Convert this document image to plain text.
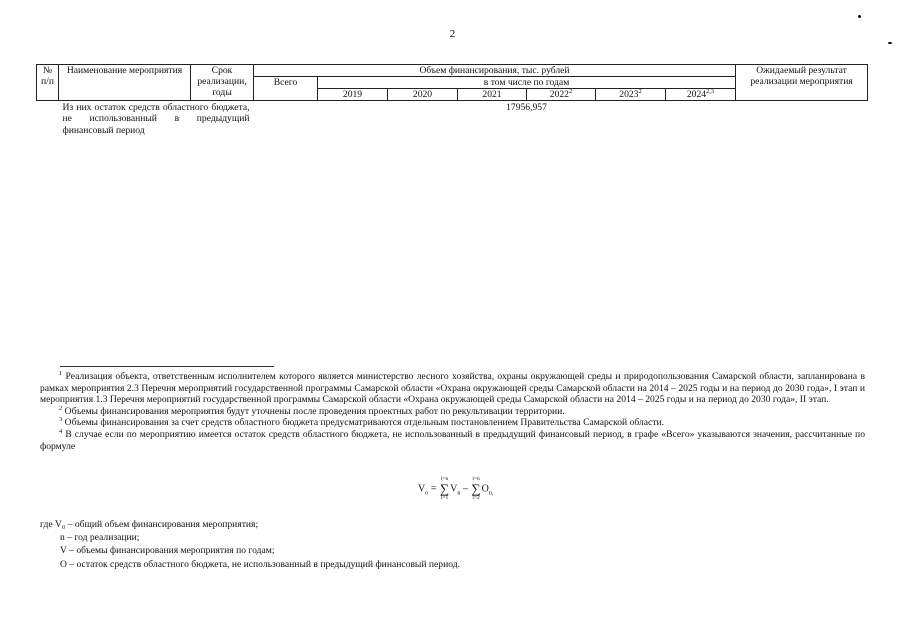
2
№ п/п	Наименование мероприятия	Срок реализации, годы	Объем финансирования, тыс. рублей							Ожидаемый результат реализации мероприятия
			Всего	в том числе по годам						
				2019	2020	2021	2022$^2$	2023$^2$	2024$^{2,3}$
Из них остаток средств областного бюджета, не использованный в предыдущий финансовый период						17956,957				

$^1$ Реализация объекта, ответственным исполнителем которого является министерство лесного хозяйства, охраны окружающей среды и природопользования Самарской области, запланирована в рамках мероприятия 2.3 Перечня мероприятий государственной программы Самарской области «Охрана окружающей среды Самарской области на 2014 – 2025 годы и на период до 2030 года», I этап и мероприятия 1.3 Перечня мероприятий государственной программы Самарской области «Охрана окружающей среды Самарской области на 2014 – 2025 годы и на период до 2030 года», II этап.

$^2$ Объемы финансирования мероприятия будут уточнены после проведения проектных работ по рекультивации территории.

$^3$ Объемы финансирования за счет средств областного бюджета предусматриваются отдельным постановлением Правительства Самарской области.

$^4$ В случае если по мероприятию имеется остаток средств областного бюджета, не использованный в предыдущий финансовый период, в графе «Всего» указываются значения, рассчитанные по формуле

$V_o$ =
i=n
∑
i=1
$V_n$ –
i=n
∑
i=2
$O_{n,}$
где V₀ – общий объем финансирования мероприятия;
n – год реализации;
V – объемы финансирования мероприятия по годам;
O – остаток средств областного бюджета, не использованный в предыдущий финансовый период.
